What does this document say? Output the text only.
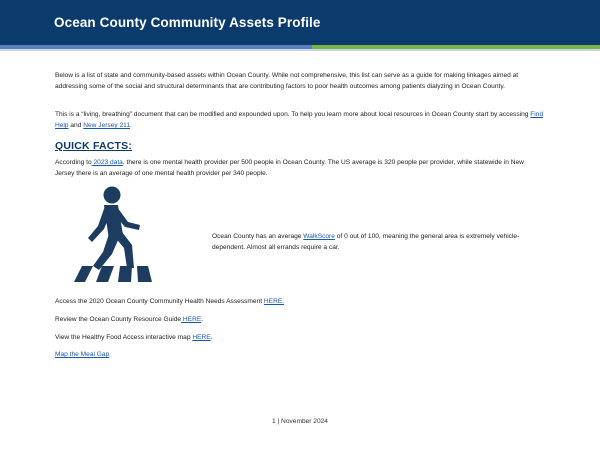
Ocean County Community Assets Profile

Below is a list of state and community-based assets within Ocean County. While not comprehensive, this list can serve as a guide for making linkages aimed at addressing some of the social and structural determinants that are contributing factors to poor health outcomes among patients dialyzing in Ocean County.

This is a “living, breathing” document that can be modified and expounded upon. To help you learn more about local resources in Ocean County start by accessing Find Help and New Jersey 211.

QUICK FACTS:

According to 2023 data, there is one mental health provider per 500 people in Ocean County. The US average is 320 people per provider, while statewide in New Jersey there is an average of one mental health provider per 340 people.

Ocean County has an average WalkScore of 0 out of 100, meaning the general area is extremely vehicle-dependent. Almost all errands require a car.

Access the 2020 Ocean County Community Health Needs Assessment HERE.

Review the Ocean County Resource Guide HERE.

View the Healthy Food Access interactive map HERE.

Map the Meal Gap

1 | November 2024
